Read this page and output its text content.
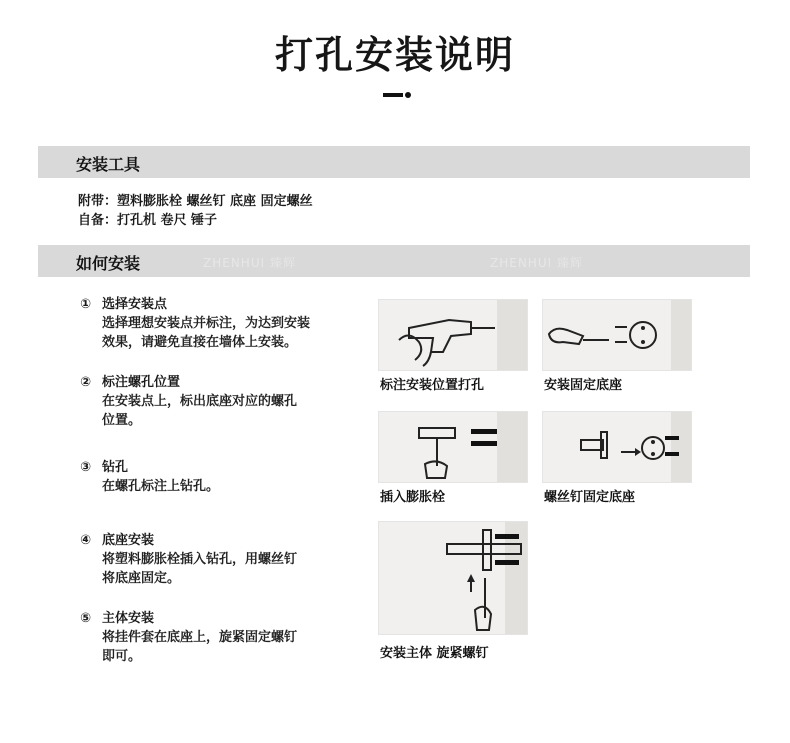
打孔安装说明
安装工具
附带：塑料膨胀栓 螺丝钉 底座 固定螺丝
自备：打孔机 卷尺 锤子
如何安装	ZHENHUI 臻辉	ZHENHUI 臻辉
① 选择安装点
选择理想安装点并标注，为达到安装
效果，请避免直接在墙体上安装。
② 标注螺孔位置
在安装点上，标出底座对应的螺孔
位置。
③ 钻孔
在螺孔标注上钻孔。
④ 底座安装
将塑料膨胀栓插入钻孔，用螺丝钉
将底座固定。
⑤ 主体安装
将挂件套在底座上，旋紧固定螺钉
即可。
标注安装位置打孔	安装固定底座
插入膨胀栓	螺丝钉固定底座
安装主体 旋紧螺钉
